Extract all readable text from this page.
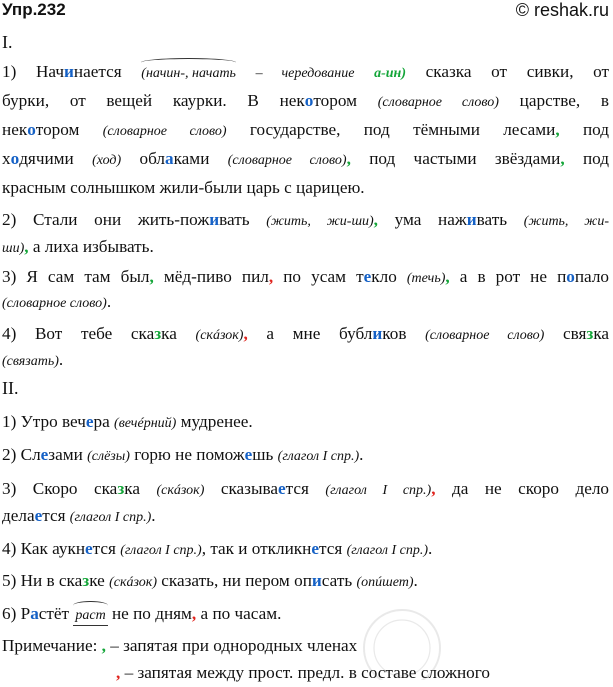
Упр.232	© reshak.ru
I.
1) Начинается (
начин-, начать – чередование а-ин) сказка от сивки, от
бурки, от вещей каурки. В некотором (словарное слово) царстве, в
некотором (словарное слово) государстве, под тёмными лесами, под
ходячими (ход) облаками (словарное слово), под частыми звёздами, под
красным солнышком жили-были царь с царицею.
2) Стали они жить-поживать (жить, жи-ши), ума наживать (жить, жи-
ши), а лиха избывать.
3) Я сам там был, мёд-пиво пил, по усам текло (течь), а в рот не попало
(словарное слово).
4) Вот тебе сказка (скáзок), а мне бубликов (словарное слово) связка
(связать).
II.
1) Утро вечера (вечéрний) мудренее.
2) Слезами (слёзы) горю не поможешь (глагол I спр.).
3) Скоро сказка (скáзок) сказывается (глагол I спр.), да не скоро дело
делается (глагол I спр.).
4) Как аукнется (глагол I спр.), так и откликнется (глагол I спр.).
5) Ни в сказке (скáзок) сказать, ни пером описать (опúшет).
6) Растёт раст
не по дням, а по часам.
Примечание: , – запятая при однородных членах
, – запятая между прост. предл. в составе сложного
